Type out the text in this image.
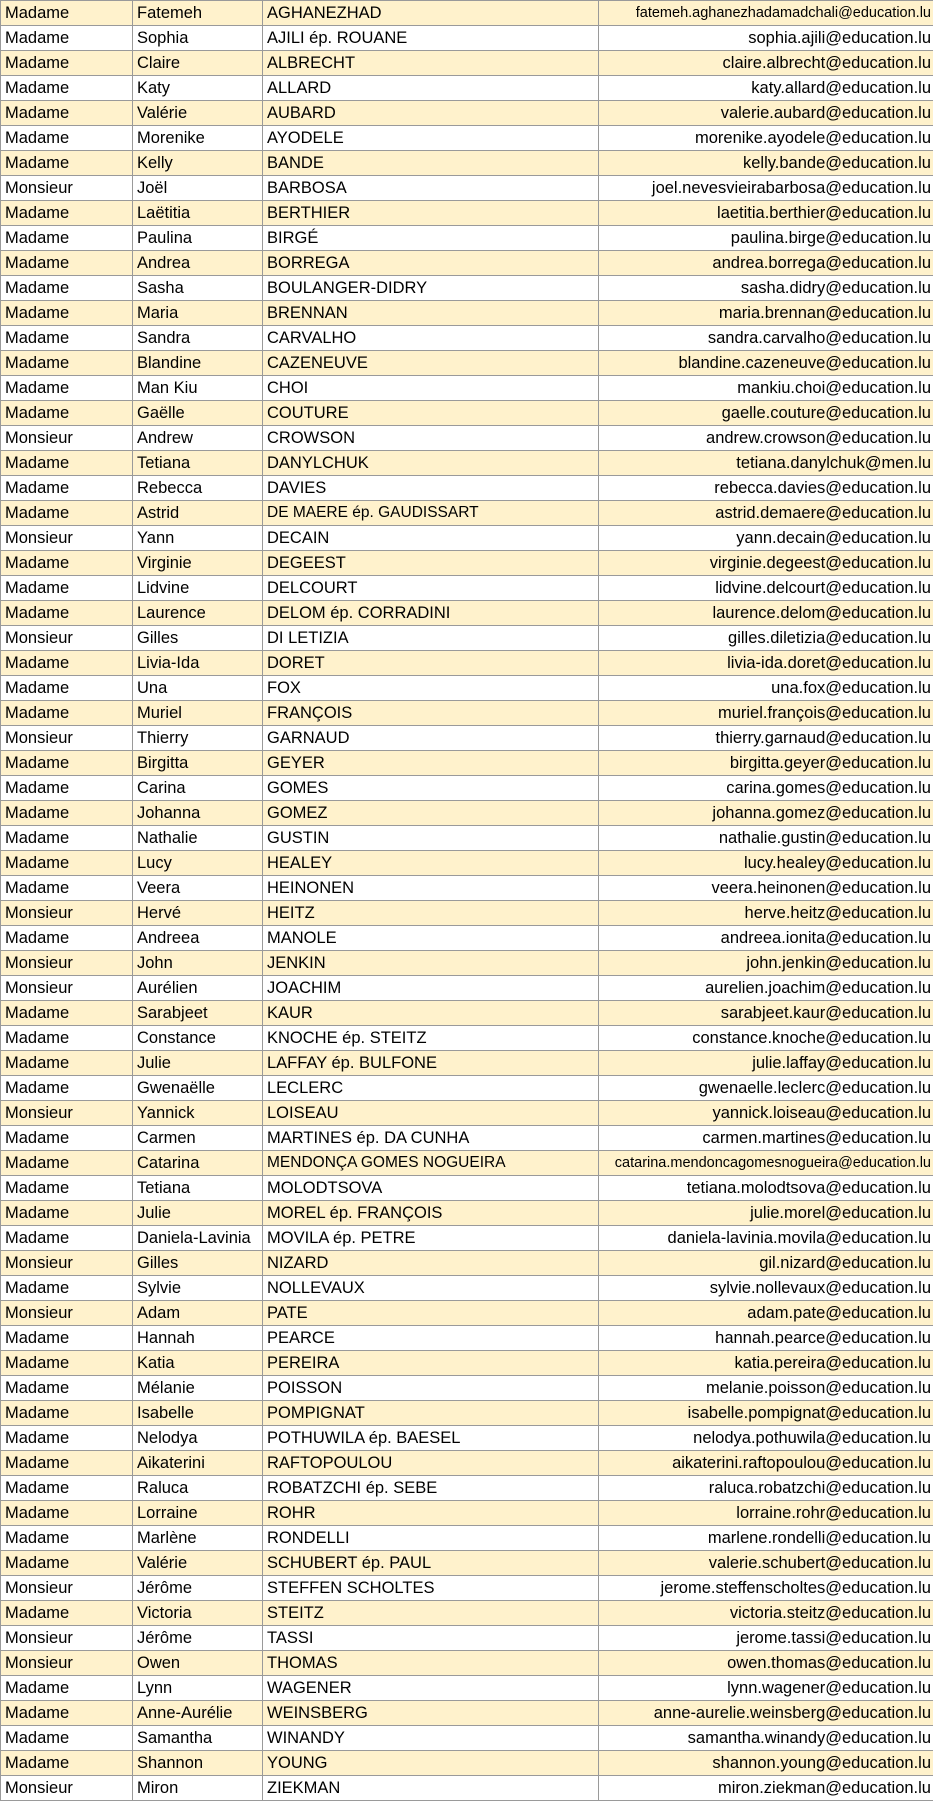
Madame	Fatemeh	AGHANEZHAD	fatemeh.aghanezhadamadchali@education.lu
Madame	Sophia	AJILI ép. ROUANE	sophia.ajili@education.lu
Madame	Claire	ALBRECHT	claire.albrecht@education.lu
Madame	Katy	ALLARD	katy.allard@education.lu
Madame	Valérie	AUBARD	valerie.aubard@education.lu
Madame	Morenike	AYODELE	morenike.ayodele@education.lu
Madame	Kelly	BANDE	kelly.bande@education.lu
Monsieur	Joël	BARBOSA	joel.nevesvieirabarbosa@education.lu
Madame	Laëtitia	BERTHIER	laetitia.berthier@education.lu
Madame	Paulina	BIRGÉ	paulina.birge@education.lu
Madame	Andrea	BORREGA	andrea.borrega@education.lu
Madame	Sasha	BOULANGER-DIDRY	sasha.didry@education.lu
Madame	Maria	BRENNAN	maria.brennan@education.lu
Madame	Sandra	CARVALHO	sandra.carvalho@education.lu
Madame	Blandine	CAZENEUVE	blandine.cazeneuve@education.lu
Madame	Man Kiu	CHOI	mankiu.choi@education.lu
Madame	Gaëlle	COUTURE	gaelle.couture@education.lu
Monsieur	Andrew	CROWSON	andrew.crowson@education.lu
Madame	Tetiana	DANYLCHUK	tetiana.danylchuk@men.lu
Madame	Rebecca	DAVIES	rebecca.davies@education.lu
Madame	Astrid	DE MAERE ép. GAUDISSART	astrid.demaere@education.lu
Monsieur	Yann	DECAIN	yann.decain@education.lu
Madame	Virginie	DEGEEST	virginie.degeest@education.lu
Madame	Lidvine	DELCOURT	lidvine.delcourt@education.lu
Madame	Laurence	DELOM ép. CORRADINI	laurence.delom@education.lu
Monsieur	Gilles	DI LETIZIA	gilles.diletizia@education.lu
Madame	Livia-Ida	DORET	livia-ida.doret@education.lu
Madame	Una	FOX	una.fox@education.lu
Madame	Muriel	FRANÇOIS	muriel.françois@education.lu
Monsieur	Thierry	GARNAUD	thierry.garnaud@education.lu
Madame	Birgitta	GEYER	birgitta.geyer@education.lu
Madame	Carina	GOMES	carina.gomes@education.lu
Madame	Johanna	GOMEZ	johanna.gomez@education.lu
Madame	Nathalie	GUSTIN	nathalie.gustin@education.lu
Madame	Lucy	HEALEY	lucy.healey@education.lu
Madame	Veera	HEINONEN	veera.heinonen@education.lu
Monsieur	Hervé	HEITZ	herve.heitz@education.lu
Madame	Andreea	MANOLE	andreea.ionita@education.lu
Monsieur	John	JENKIN	john.jenkin@education.lu
Monsieur	Aurélien	JOACHIM	aurelien.joachim@education.lu
Madame	Sarabjeet	KAUR	sarabjeet.kaur@education.lu
Madame	Constance	KNOCHE ép. STEITZ	constance.knoche@education.lu
Madame	Julie	LAFFAY ép. BULFONE	julie.laffay@education.lu
Madame	Gwenaëlle	LECLERC	gwenaelle.leclerc@education.lu
Monsieur	Yannick	LOISEAU	yannick.loiseau@education.lu
Madame	Carmen	MARTINES ép. DA CUNHA	carmen.martines@education.lu
Madame	Catarina	MENDONÇA GOMES NOGUEIRA	catarina.mendoncagomesnogueira@education.lu
Madame	Tetiana	MOLODTSOVA	tetiana.molodtsova@education.lu
Madame	Julie	MOREL ép. FRANÇOIS	julie.morel@education.lu
Madame	Daniela-Lavinia	MOVILA ép. PETRE	daniela-lavinia.movila@education.lu
Monsieur	Gilles	NIZARD	gil.nizard@education.lu
Madame	Sylvie	NOLLEVAUX	sylvie.nollevaux@education.lu
Monsieur	Adam	PATE	adam.pate@education.lu
Madame	Hannah	PEARCE	hannah.pearce@education.lu
Madame	Katia	PEREIRA	katia.pereira@education.lu
Madame	Mélanie	POISSON	melanie.poisson@education.lu
Madame	Isabelle	POMPIGNAT	isabelle.pompignat@education.lu
Madame	Nelodya	POTHUWILA ép. BAESEL	nelodya.pothuwila@education.lu
Madame	Aikaterini	RAFTOPOULOU	aikaterini.raftopoulou@education.lu
Madame	Raluca	ROBATZCHI ép. SEBE	raluca.robatzchi@education.lu
Madame	Lorraine	ROHR	lorraine.rohr@education.lu
Madame	Marlène	RONDELLI	marlene.rondelli@education.lu
Madame	Valérie	SCHUBERT ép. PAUL	valerie.schubert@education.lu
Monsieur	Jérôme	STEFFEN SCHOLTES	jerome.steffenscholtes@education.lu
Madame	Victoria	STEITZ	victoria.steitz@education.lu
Monsieur	Jérôme	TASSI	jerome.tassi@education.lu
Monsieur	Owen	THOMAS	owen.thomas@education.lu
Madame	Lynn	WAGENER	lynn.wagener@education.lu
Madame	Anne-Aurélie	WEINSBERG	anne-aurelie.weinsberg@education.lu
Madame	Samantha	WINANDY	samantha.winandy@education.lu
Madame	Shannon	YOUNG	shannon.young@education.lu
Monsieur	Miron	ZIEKMAN	miron.ziekman@education.lu
